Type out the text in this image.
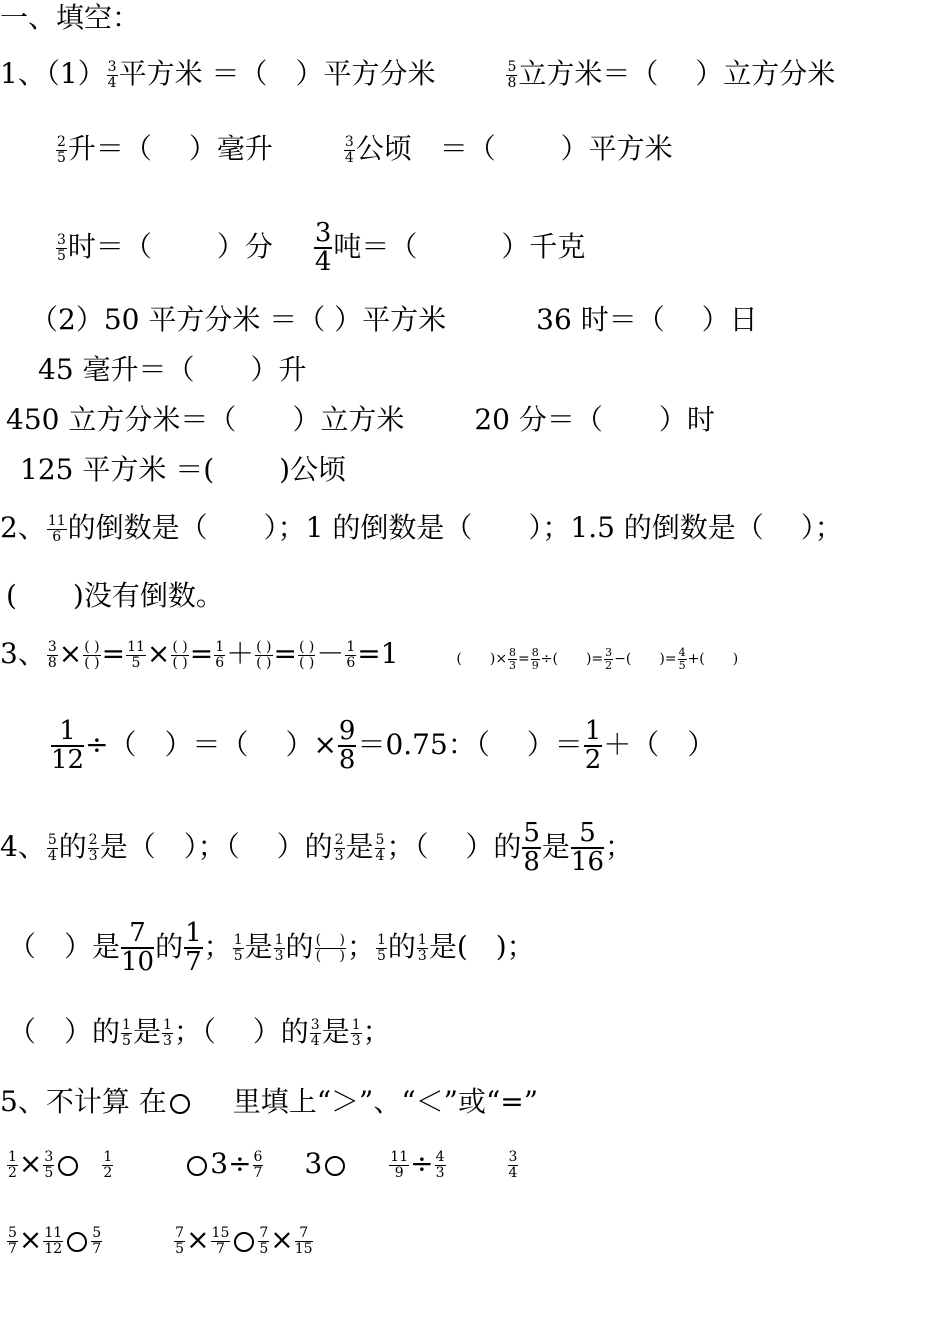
一、填空：
1、$(1) \frac{3}{4}$ 平方米 ＝（　）平方分米	$\frac{5}{8}$ 立方米＝（　 ）立方分米
$\frac{2}{5}$ 升＝（　 ）毫升	$\frac{3}{4}$ 公顷　＝（　　 ）平方米
$\frac{3}{5}$ 时＝（　　 ）分 $\frac{3}{4}$ 吨＝（　　　）千克
（2）50 平方分米 ＝（ ）平方米	36 时＝（　 ）日
45 毫升＝（　　）升
450 立方分米＝（　　）立方米	20 分＝（　　）时
125 平方米 ＝(　　 )公顷
2、 $\frac{11}{6}$ 的倒数是（　　）；1 的倒数是（　　）；1.5 的倒数是（　 ）；
(　　)没有倒数。
3、 $\frac{3}{8}$ × ( )
( ) = $\frac{11}{5}$ × ( )
( ) = $\frac{1}{6}$ ＋ ( )
( ) = ( )
( ) － $\frac{1}{6} =1$	(　　)× $\frac{8}{3} = \frac{8}{9}$ ÷(　　)= $\frac{3}{2}$ −(　　)= $\frac{4}{5}$ +(　　)
$\frac{1}{12}$ ÷（　）＝（　 ）× $\frac{9}{8} =0.75$：（　 ）＝ $\frac{1}{2}$ ＋（　）
4、 $\frac{5}{4}$ 的 $\frac{2}{3}$ 是（　）；（　 ）的 $\frac{2}{3}$ 是 $\frac{5}{4}$ ；（　 ）的 $\frac{5}{8}$ 是 $\frac{5}{16}$ ；
（　）是 $\frac{7}{10}$ 的 $\frac{1}{7}$ ； $\frac{1}{5}$ 是 $\frac{1}{3}$ 的 (　 )
(　 ) ； $\frac{1}{5}$ 的 $\frac{1}{3}$ 是(　)；
（　）的 $\frac{1}{5}$ 是 $\frac{1}{3}$ ；（　 ）的 $\frac{3}{4}$ 是 $\frac{1}{3}$ ；
5、不计算 在 里填上“＞”、“＜”或“=”
$\frac{1}{2} \times \frac{3}{5}$	$\frac{1}{2}$	$3\div \frac{6}{7} 3$	$\frac{11}{9} \div \frac{4}{3}$	$\frac{3}{4}$
$\frac{5}{7} \times \frac{11}{12} \frac{5}{7}$	$\frac{7}{5} \times \frac{15}{7} \frac{7}{5} \times \frac{7}{15}$
